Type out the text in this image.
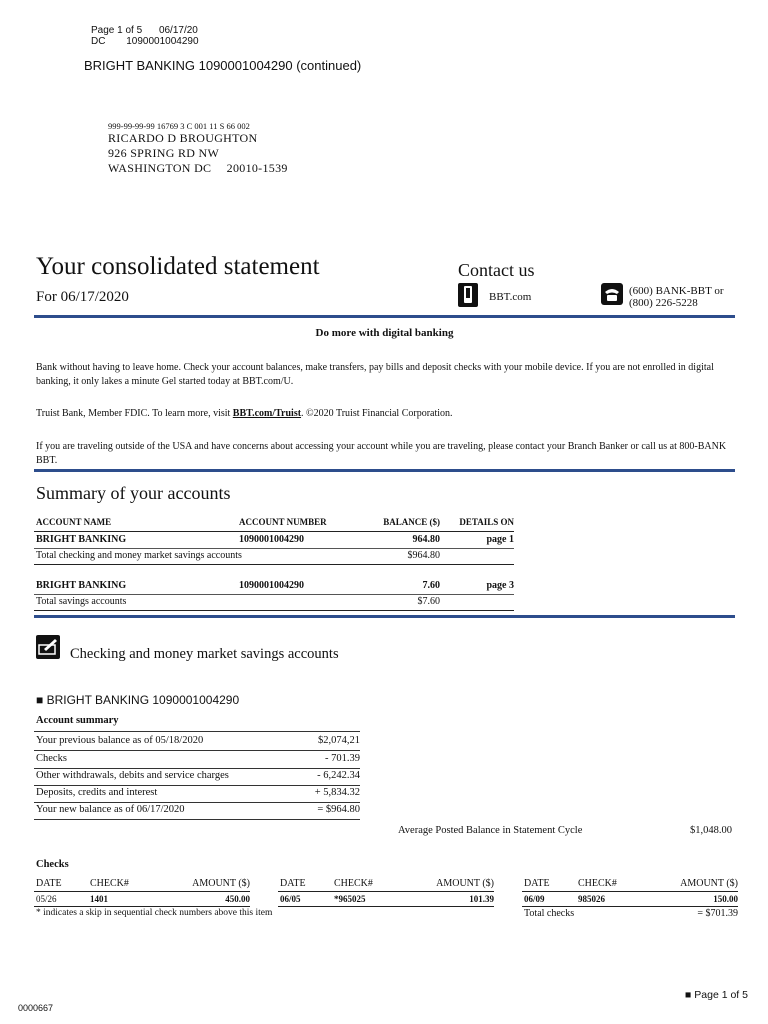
Page 1 of 5 06/17/20
DC 1090001004290
BRIGHT BANKING 1090001004290 (continued)
999-99-99-99 16769 3 C 001 11 S 66 002
RICARDO D BROUGHTON
926 SPRING RD NW
WASHINGTON DC 20010-1539
Your consolidated statement
For 06/17/2020
Contact us
BBT.com	(600) BANK-BBT or
(800) 226-5228
Do more with digital banking
Bank without having to leave home. Check your account balances, make transfers, pay bills and deposit checks with your mobile device. If you are not enrolled in digital banking, it only lakes a minute Gel started today at BBT.com/U.
Truist Bank, Member FDIC. To learn more, visit BBT.com/Truist. ©2020 Truist Financial Corporation.
If you are traveling outside of the USA and have concerns about accessing your account while you are traveling, please contact your Branch Banker or call us at 800-BANK BBT.
Summary of your accounts
ACCOUNT NAME	ACCOUNT NUMBER	BALANCE ($) DETAILS ON
BRIGHT BANKING	1090001004290	964.80	page 1
Total checking and money market savings accounts	$964.80
BRIGHT BANKING	1090001004290	7.60	page 3
Total savings accounts	$7.60
Checking and money market savings accounts
■ BRIGHT BANKING 1090001004290
Account summary
Your previous balance as of 05/18/2020	$2,074,21
Checks	- 701.39
Other withdrawals, debits and service charges	- 6,242.34
Deposits, credits and interest	+ 5,834.32
Your new balance as of 06/17/2020	= $964.80
Average Posted Balance in Statement Cycle	$1,048.00
Checks
DATE	CHECK#	AMOUNT ($)
05/26	1401	450.00
DATE	CHECK#	AMOUNT ($)
06/05	*965025	101.39
DATE	CHECK#	AMOUNT ($)
06/09	985026	150.00
* indicates a skip in sequential check numbers above this item	Total checks	= $701.39
0000667
■ Page 1 of 5
